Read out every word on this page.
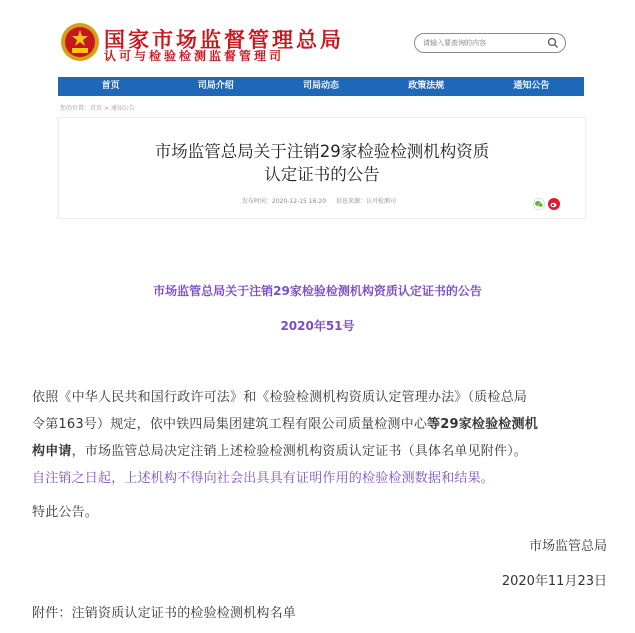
国家市场监督管理总局
认可与检验检测监督管理司
请输入要查询的内容
首页	司局介绍	司局动态	政策法规	通知公告
您的位置：首页 > 通知公告
市场监管总局关于注销29家检验检测机构资质
认定证书的公告
发布时间：2020-12-15 16:20 信息来源：认可检测司
市场监管总局关于注销29家检验检测机构资质认定证书的公告
2020年51号
依照《中华人民共和国行政许可法》和《检验检测机构资质认定管理办法》（质检总局
令第163号）规定，依中铁四局集团建筑工程有限公司质量检测中心等29家检验检测机
构申请，市场监管总局决定注销上述检验检测机构资质认定证书（具体名单见附件）。
自注销之日起，上述机构不得向社会出具具有证明作用的检验检测数据和结果。
特此公告。
市场监管总局
2020年11月23日
附件：注销资质认定证书的检验检测机构名单
